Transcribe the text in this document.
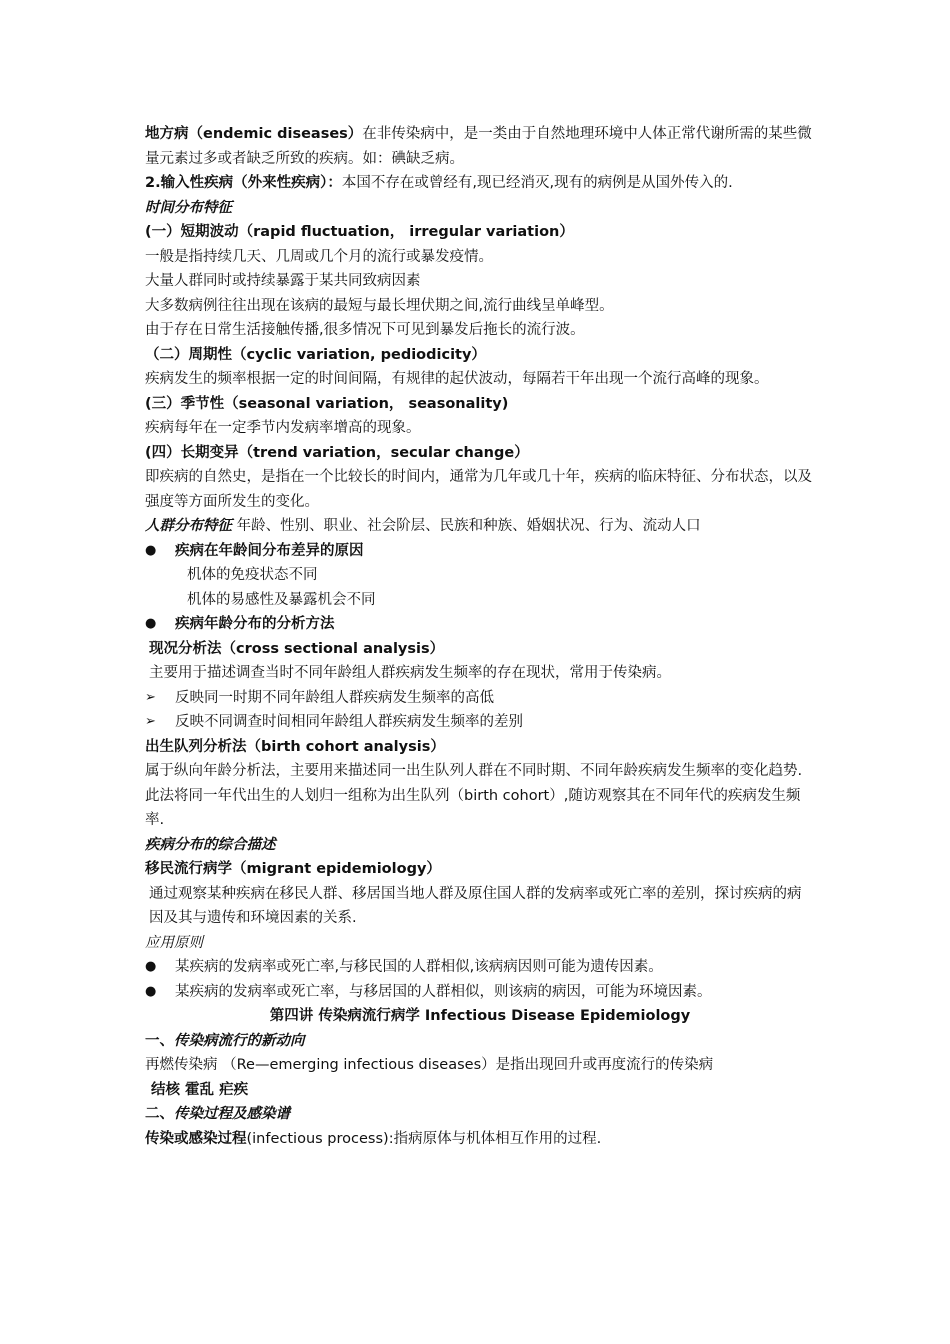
地方病（endemic diseases）在非传染病中，是一类由于自然地理环境中人体正常代谢所需的某些微量元素过多或者缺乏所致的疾病。如：碘缺乏病。

2.输入性疾病（外来性疾病）：本国不存在或曾经有,现已经消灭,现有的病例是从国外传入的.

时间分布特征

(一）短期波动（rapid fluctuation， irregular variation）

一般是指持续几天、几周或几个月的流行或暴发疫情。

大量人群同时或持续暴露于某共同致病因素

大多数病例往往出现在该病的最短与最长埋伏期之间,流行曲线呈单峰型。

由于存在日常生活接触传播,很多情况下可见到暴发后拖长的流行波。

（二）周期性（cyclic variation, pediodicity）

疾病发生的频率根据一定的时间间隔，有规律的起伏波动，每隔若干年出现一个流行高峰的现象。

(三）季节性（seasonal variation， seasonality)

疾病每年在一定季节内发病率增高的现象。

(四）长期变异（trend variation，secular change）

即疾病的自然史，是指在一个比较长的时间内，通常为几年或几十年，疾病的临床特征、分布状态，以及强度等方面所发生的变化。

人群分布特征 年龄、性别、职业、社会阶层、民族和种族、婚姻状况、行为、流动人口

●	疾病在年龄间分布差异的原因

机体的免疫状态不同

机体的易感性及暴露机会不同

●	疾病年龄分布的分析方法

现况分析法（cross sectional analysis）

主要用于描述调查当时不同年龄组人群疾病发生频率的存在现状，常用于传染病。

➢	反映同一时期不同年龄组人群疾病发生频率的高低
➢	反映不同调查时间相同年龄组人群疾病发生频率的差别

出生队列分析法（birth cohort analysis）

属于纵向年龄分析法，主要用来描述同一出生队列人群在不同时期、不同年龄疾病发生频率的变化趋势.此法将同一年代出生的人划归一组称为出生队列（birth cohort）,随访观察其在不同年代的疾病发生频率.

疾病分布的综合描述

移民流行病学（migrant epidemiology）

通过观察某种疾病在移民人群、移居国当地人群及原住国人群的发病率或死亡率的差别，探讨疾病的病因及其与遗传和环境因素的关系.

应用原则

●	某疾病的发病率或死亡率,与移民国的人群相似,该病病因则可能为遗传因素。
●	某疾病的发病率或死亡率，与移居国的人群相似，则该病的病因，可能为环境因素。

第四讲 传染病流行病学 Infectious Disease Epidemiology

一、传染病流行的新动向

再燃传染病 （Re—emerging infectious diseases）是指出现回升或再度流行的传染病

结核 霍乱 疟疾

二、传染过程及感染谱

传染或感染过程(infectious process):指病原体与机体相互作用的过程.
